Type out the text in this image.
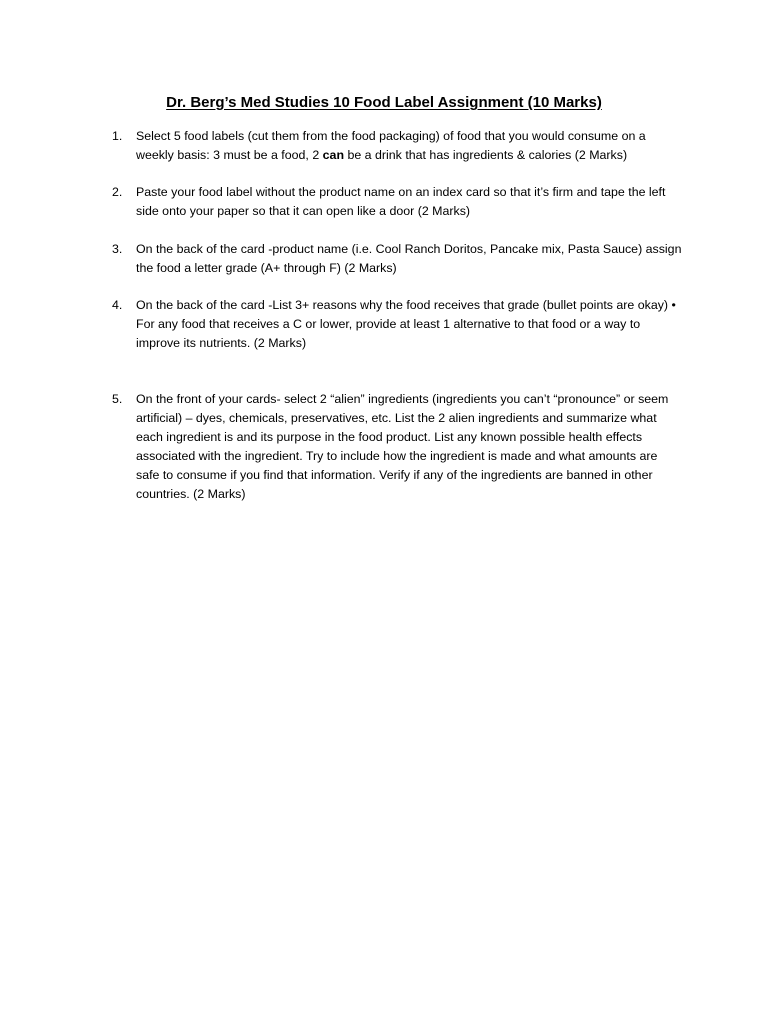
Dr. Berg’s Med Studies 10 Food Label Assignment (10 Marks)
1.	Select 5 food labels (cut them from the food packaging) of food that you would consume on a weekly basis: 3 must be a food, 2 can be a drink that has ingredients & calories (2 Marks)
2.	Paste your food label without the product name on an index card so that it’s firm and tape the left side onto your paper so that it can open like a door (2 Marks)
3.	On the back of the card -product name (i.e. Cool Ranch Doritos, Pancake mix, Pasta Sauce) assign the food a letter grade (A+ through F) (2 Marks)
4.	On the back of the card -List 3+ reasons why the food receives that grade (bullet points are okay) • For any food that receives a C or lower, provide at least 1 alternative to that food or a way to improve its nutrients. (2 Marks)
5.	On the front of your cards- select 2 “alien” ingredients (ingredients you can’t “pronounce” or seem artificial) – dyes, chemicals, preservatives, etc. List the 2 alien ingredients and summarize what each ingredient is and its purpose in the food product. List any known possible health effects associated with the ingredient. Try to include how the ingredient is made and what amounts are safe to consume if you find that information. Verify if any of the ingredients are banned in other countries. (2 Marks)
